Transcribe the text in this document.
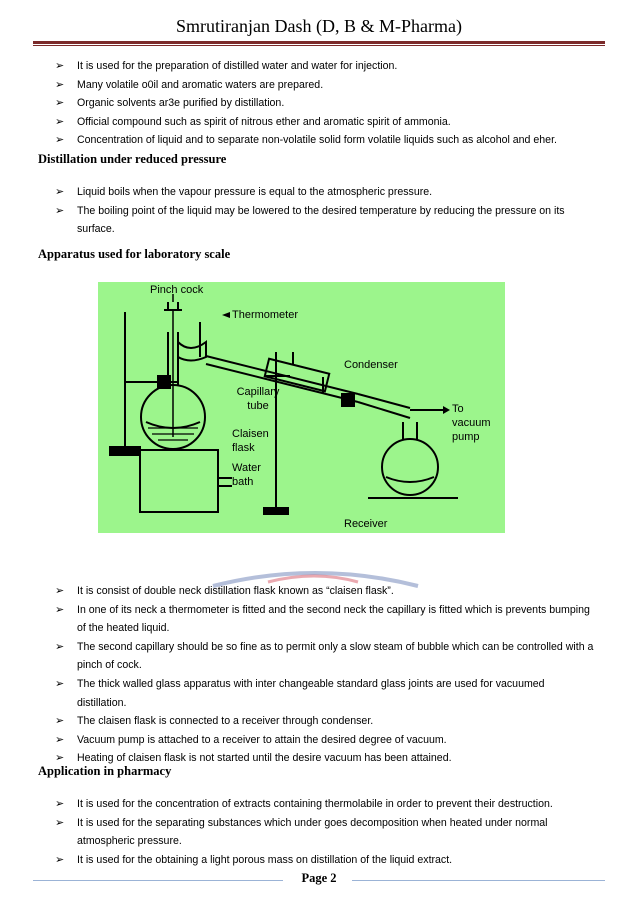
Smrutiranjan Dash (D, B & M-Pharma)
➢ It is used for the preparation of distilled water and water for injection.
➢ Many volatile o0il and aromatic waters are prepared.
➢ Organic solvents ar3e purified by distillation.
➢ Official compound such as spirit of nitrous ether and aromatic spirit of ammonia.
➢ Concentration of liquid and to separate non-volatile solid form volatile liquids such as alcohol and eher.
Distillation under reduced pressure
➢ Liquid boils when the vapour pressure is equal to the atmospheric pressure.
➢ The boiling point of the liquid may be lowered to the desired temperature by reducing the pressure on its surface.
Apparatus used for laboratory scale
Pinch cock
Thermometer
Condenser
Capillary tube
Claisen flask
Water bath
To vacuum pump
Receiver
➢ It is consist of double neck distillation flask known as “claisen flask”.
➢ In one of its neck a thermometer is fitted and the second neck the capillary is fitted which is prevents bumping of the heated liquid.
➢ The second capillary should be so fine as to permit only a slow steam of bubble which can be controlled with a pinch of cock.
➢ The thick walled glass apparatus with inter changeable standard glass joints are used for vacuumed distillation.
➢ The claisen flask is connected to a receiver through condenser.
➢ Vacuum pump is attached to a receiver to attain the desired degree of vacuum.
➢ Heating of claisen flask is not started until the desire vacuum has been attained.
Application in pharmacy
➢ It is used for the concentration of extracts containing thermolabile in order to prevent their destruction.
➢ It is used for the separating substances which under goes decomposition when heated under normal atmospheric pressure.
➢ It is used for the obtaining a light porous mass on distillation of the liquid extract.
Page 2
